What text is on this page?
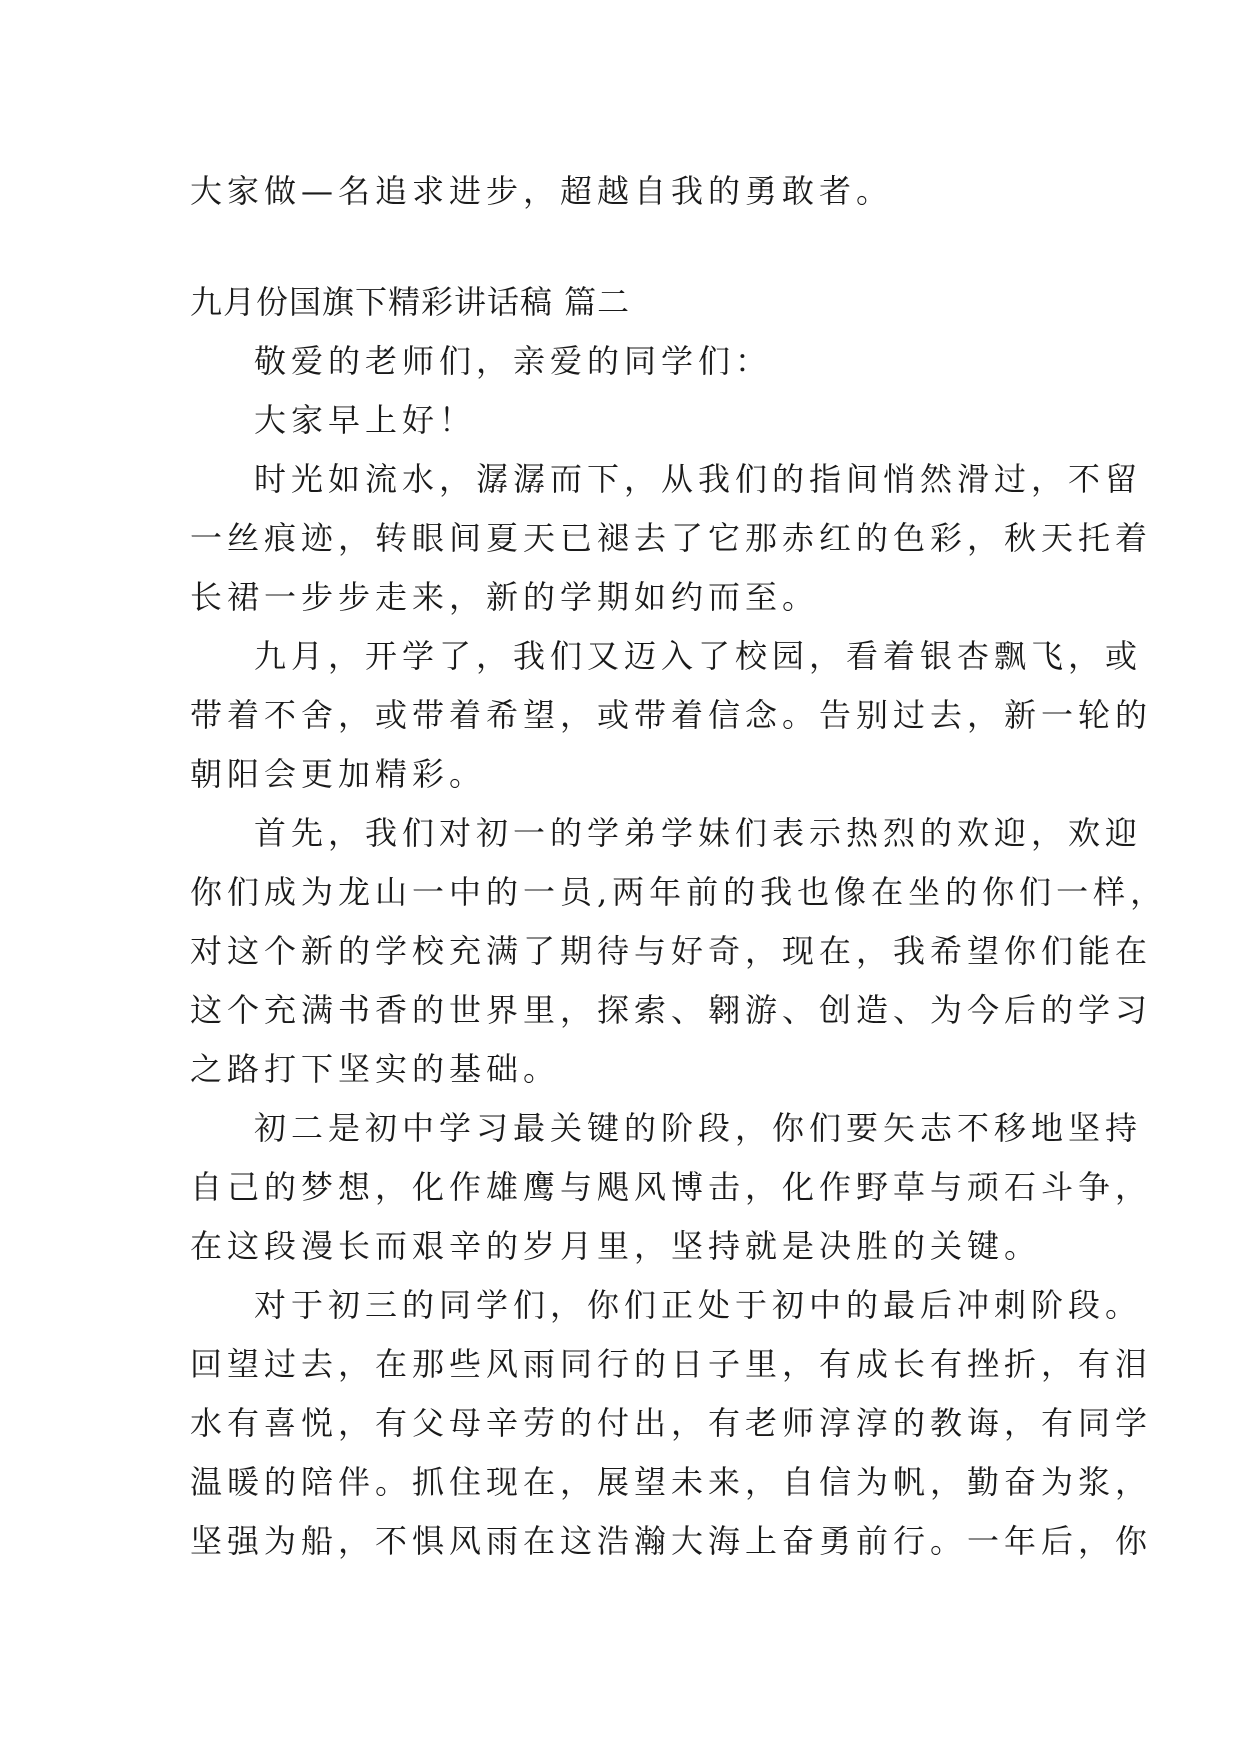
大家做—名追求进步，超越自我的勇敢者。
九月份国旗下精彩讲话稿 篇二
敬爱的老师们，亲爱的同学们：
大家早上好！
时光如流水，潺潺而下，从我们的指间悄然滑过，不留
一丝痕迹，转眼间夏天已褪去了它那赤红的色彩，秋天托着
长裙一步步走来，新的学期如约而至。
九月，开学了，我们又迈入了校园，看着银杏飘飞，或
带着不舍，或带着希望，或带着信念。告别过去，新一轮的
朝阳会更加精彩。
首先，我们对初一的学弟学妹们表示热烈的欢迎，欢迎
你们成为龙山一中的一员,两年前的我也像在坐的你们一样，
对这个新的学校充满了期待与好奇，现在，我希望你们能在
这个充满书香的世界里，探索、翱游、创造、为今后的学习
之路打下坚实的基础。
初二是初中学习最关键的阶段，你们要矢志不移地坚持
自己的梦想，化作雄鹰与飓风博击，化作野草与顽石斗争，
在这段漫长而艰辛的岁月里，坚持就是决胜的关键。
对于初三的同学们，你们正处于初中的最后冲刺阶段。
回望过去，在那些风雨同行的日子里，有成长有挫折，有泪
水有喜悦，有父母辛劳的付出，有老师淳淳的教诲，有同学
温暖的陪伴。抓住现在，展望未来，自信为帆，勤奋为浆，
坚强为船，不惧风雨在这浩瀚大海上奋勇前行。一年后，你
